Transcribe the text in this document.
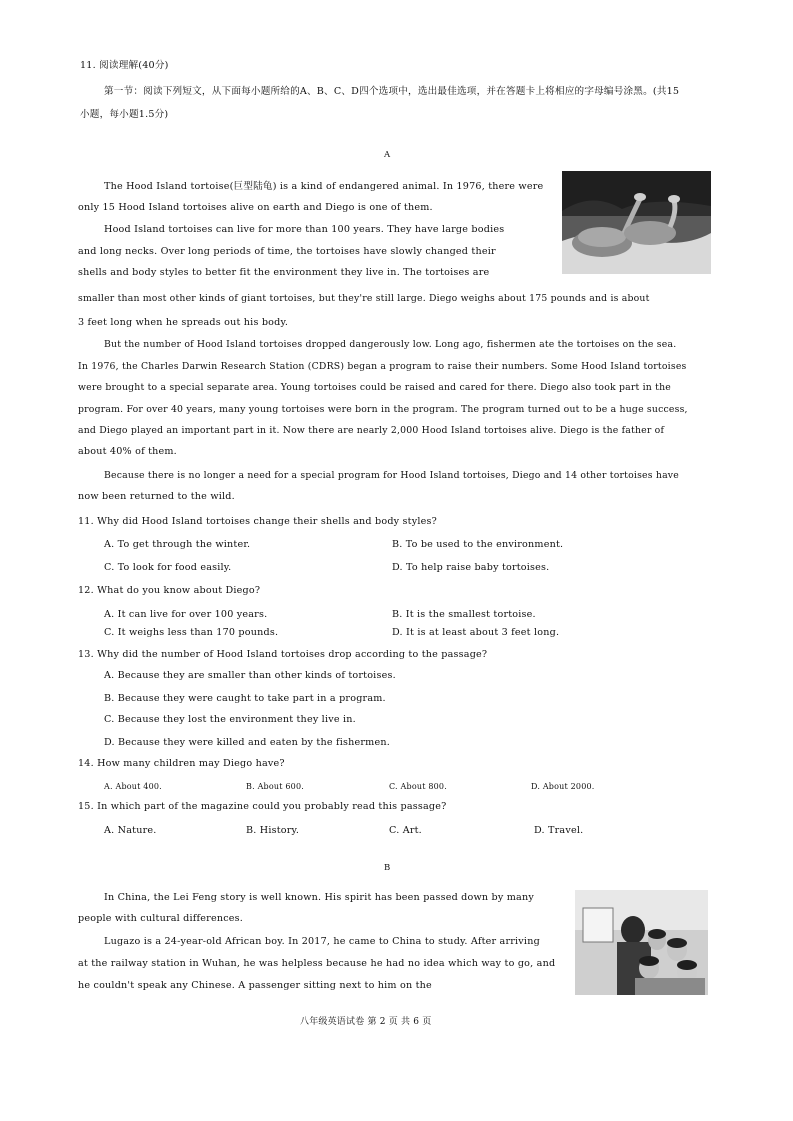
11. 阅读理解(40分)
第一节：阅读下列短文，从下面每小题所给的A、B、C、D四个选项中，选出最佳选项，并在答题卡上将相应的字母编号涂黑。(共15
小题，每小题1.5分)
A
The Hood Island tortoise(巨型陆龟) is a kind of endangered animal. In 1976, there were
only 15 Hood Island tortoises alive on earth and Diego is one of them.
Hood Island tortoises can live for more than 100 years. They have large bodies
and long necks. Over long periods of time, the tortoises have slowly changed their
shells and body styles to better fit the environment they live in. The tortoises are
smaller than most other kinds of giant tortoises, but they're still large. Diego weighs about 175 pounds and is about
3 feet long when he spreads out his body.
But the number of Hood Island tortoises dropped dangerously low. Long ago, fishermen ate the tortoises on the sea.
In 1976, the Charles Darwin Research Station (CDRS) began a program to raise their numbers. Some Hood Island tortoises
were brought to a special separate area. Young tortoises could be raised and cared for there. Diego also took part in the
program. For over 40 years, many young tortoises were born in the program. The program turned out to be a huge success,
and Diego played an important part in it. Now there are nearly 2,000 Hood Island tortoises alive. Diego is the father of
about 40% of them.
Because there is no longer a need for a special program for Hood Island tortoises, Diego and 14 other tortoises have
now been returned to the wild.
11. Why did Hood Island tortoises change their shells and body styles?
A. To get through the winter.	B. To be used to the environment.
C. To look for food easily.	D. To help raise baby tortoises.
12. What do you know about Diego?
A. It can live for over 100 years.	B. It is the smallest tortoise.
C. It weighs less than 170 pounds.	D. It is at least about 3 feet long.
13. Why did the number of Hood Island tortoises drop according to the passage?
A. Because they are smaller than other kinds of tortoises.
B. Because they were caught to take part in a program.
C. Because they lost the environment they live in.
D. Because they were killed and eaten by the fishermen.
14. How many children may Diego have?
A. About 400.	B. About 600.	C. About 800.	D. About 2000.
15. In which part of the magazine could you probably read this passage?
A. Nature.	B. History.	C. Art.	D. Travel.
B
In China, the Lei Feng story is well known. His spirit has been passed down by many
people with cultural differences.
Lugazo is a 24-year-old African boy. In 2017, he came to China to study. After arriving
at the railway station in Wuhan, he was helpless because he had no idea which way to go, and
he couldn't speak any Chinese. A passenger sitting next to him on the
八年级英语试卷 第 2 页 共 6 页
